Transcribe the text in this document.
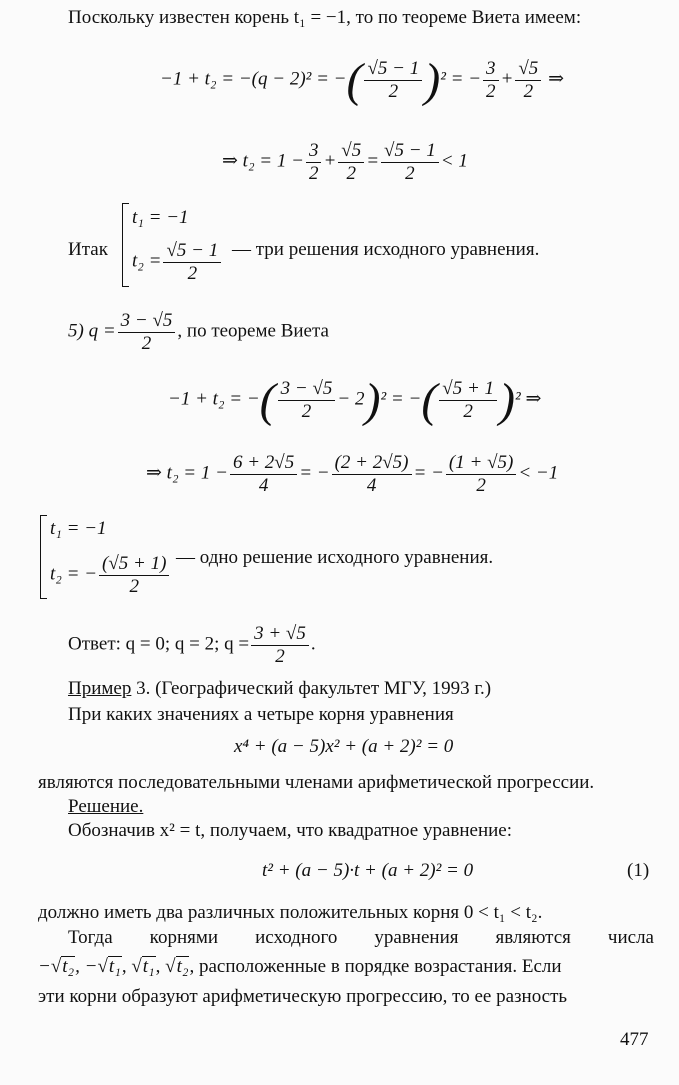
Поскольку известен корень t₁ = −1, то по теореме Виета имеем:
−1 + t₂ = −(q − 2)² = −( $\frac{√5 - 1}{2} )^2$ = − $\frac{3}{2} + \frac{√5}{2}$ ⇒
⇒ $t_2 = 1 - \frac{3}{2} + \frac{√5}{2} = \frac{√5 - 1}{2} < 1$
Итак
t₁ = −1
$t_2 = \frac{√5 - 1}{2}$ — три решения исходного уравнения.
5) $q = \frac{3 - √5}{2}$ , по теореме Виета
−1 + t₂ = −( $\frac{3 - √5}{2} - 2)^2$ = −( $\frac{√5 + 1}{2} )^2$ ⇒
⇒ $t_2 = 1 - \frac{6 + 2√5}{4}$ = − $\frac{(2 + 2√5)}{4}$ = − $\frac{(1 + √5)}{2} < -1$
t₁ = −1
t₂ = − $\frac{(√5 + 1)}{2}$ — одно решение исходного уравнения.
Ответ: q = 0; q = 2; $q = \frac{3 + √5}{2}$ .
Пример 3. (Географический факультет МГУ, 1993 г.)
При каких значениях a четыре корня уравнения
x⁴ + (a − 5)x² + (a + 2)² = 0
являются последовательными членами арифметической прогрессии.
Решение.
Обозначив x² = t, получаем, что квадратное уравнение:
t² + (a − 5)·t + (a + 2)² = 0	(1)
должно иметь два различных положительных корня 0 < t₁ < t₂.
Тогда корнями исходного уравнения являются числа
−√t₂, −√t₁, √t₁, √t₂, расположенные в порядке возрастания. Если
эти корни образуют арифметическую прогрессию, то ее разность
477
